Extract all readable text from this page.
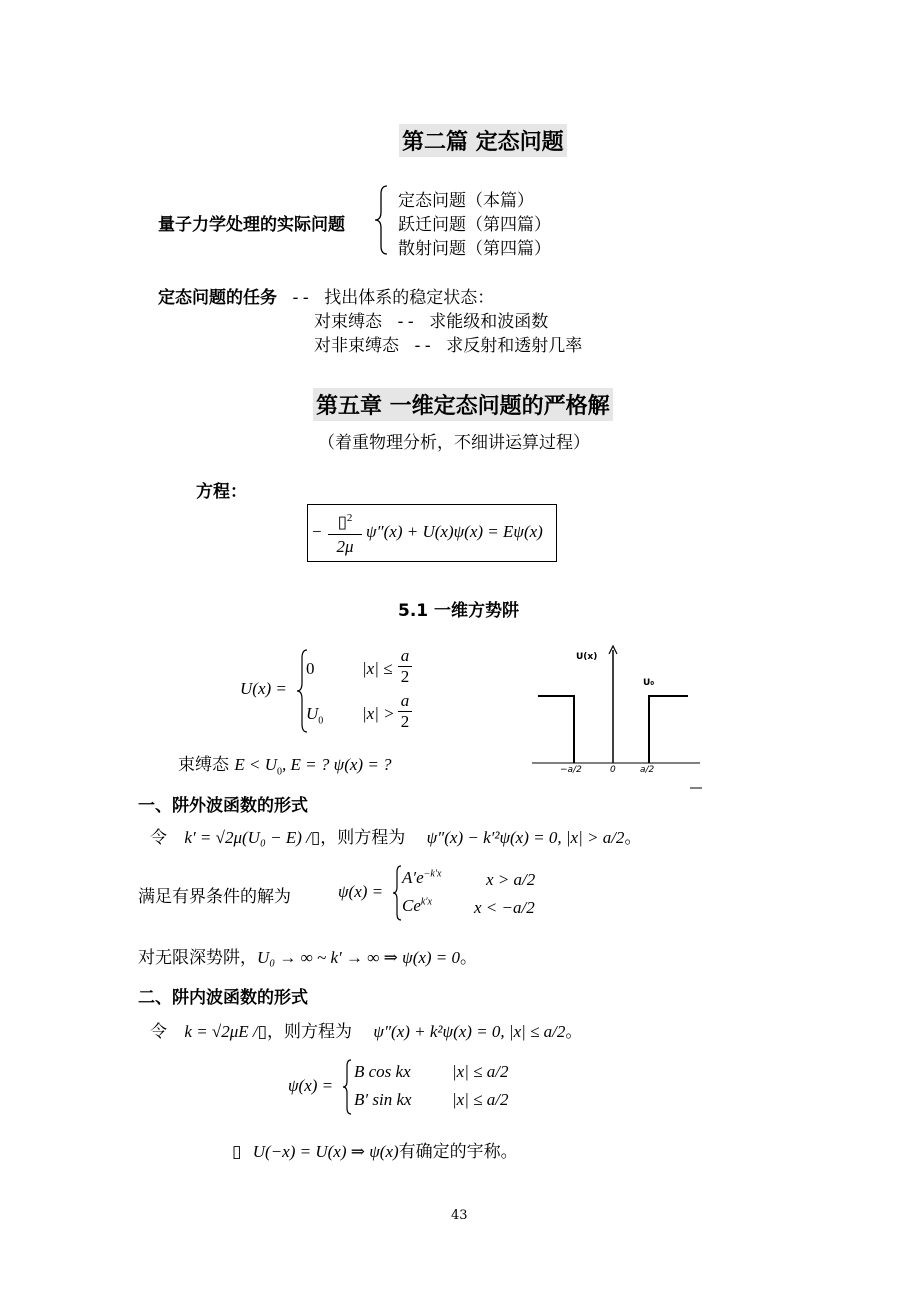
第二篇 定态问题
量子力学处理的实际问题
定态问题（本篇）
跃迁问题（第四篇）
散射问题（第四篇）
定态问题的任务 -- 找出体系的稳定状态：
对束缚态 -- 求能级和波函数
对非束缚态 -- 求反射和透射几率
第五章 一维定态问题的严格解
（着重物理分析，不细讲运算过程）
方程：
− ▯$^2$
2μ
ψ″(x) + U(x)ψ(x) = Eψ(x)
5.1 一维方势阱
U(x) =
0	$|x| \le \frac{a}{2}$
$U_0$ $|x| > \frac{a}{2}$
束缚态 $E < U_0$, E = ? ψ(x) = ?
U(x)
U₀
−a/2	0	a/2
一、阱外波函数的形式
令 k′ = √2μ(U₀ − E) /▯，则方程为 ψ″(x) − k′²ψ(x) = 0, |x| > a/2。
满足有界条件的解为	ψ(x) =
$A'e^{-k'x}$	x > a/2
$Ce^{k'x}$ x < −a/2
对无限深势阱，U₀ → ∞ ~ k′ → ∞ ⇒ ψ(x) = 0。
二、阱内波函数的形式
令 k = √2μE /▯，则方程为 ψ″(x) + k²ψ(x) = 0, |x| ≤ a/2。
ψ(x) =
B cos kx |x| ≤ a/2
B′ sin kx |x| ≤ a/2
▯ U(−x) = U(x) ⇒ ψ(x)有确定的宇称。
43
